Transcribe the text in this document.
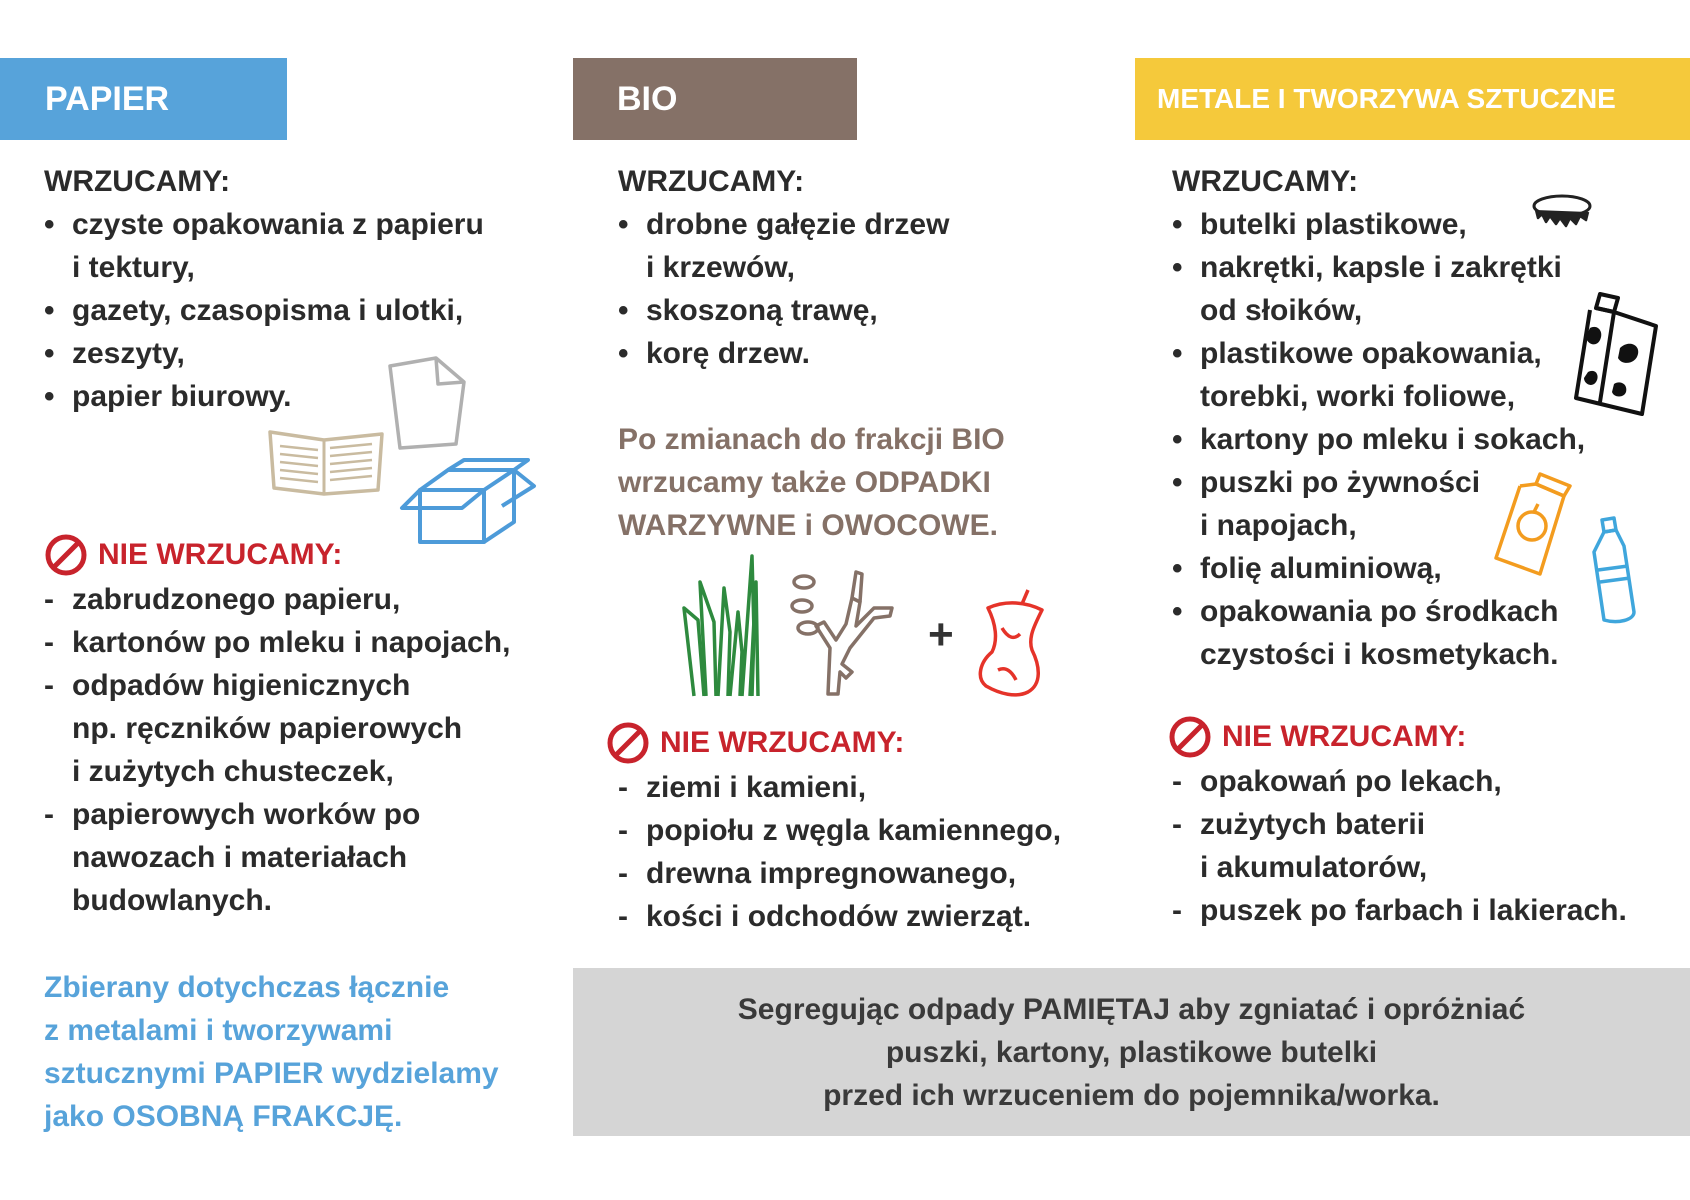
PAPIER	BIO	METALE I TWORZYWA SZTUCZNE
WRZUCAMY:
• czyste opakowania z papieru
i tektury,
• gazety, czasopisma i ulotki,
• zeszyty,
• papier biurowy.
NIE WRZUCAMY:
- zabrudzonego papieru,
- kartonów po mleku i napojach,
- odpadów higienicznych
np. ręczników papierowych
i zużytych chusteczek,
- papierowych worków po
nawozach i materiałach
budowlanych.
Zbierany dotychczas łącznie
z metalami i tworzywami
sztucznymi PAPIER wydzielamy
jako OSOBNĄ FRAKCJĘ.
WRZUCAMY:
• drobne gałęzie drzew
i krzewów,
• skoszoną trawę,
• korę drzew.
Po zmianach do frakcji BIO
wrzucamy także ODPADKI
WARZYWNE i OWOCOWE.
+
NIE WRZUCAMY:
- ziemi i kamieni,
- popiołu z węgla kamiennego,
- drewna impregnowanego,
- kości i odchodów zwierząt.
WRZUCAMY:
• butelki plastikowe,
• nakrętki, kapsle i zakrętki
od słoików,
• plastikowe opakowania,
torebki, worki foliowe,
• kartony po mleku i sokach,
• puszki po żywności
i napojach,
• folię aluminiową,
• opakowania po środkach
czystości i kosmetykach.
NIE WRZUCAMY:
- opakowań po lekach,
- zużytych baterii
i akumulatorów,
- puszek po farbach i lakierach.

Segregując odpady PAMIĘTAJ aby zgniatać i opróżniać
puszki, kartony, plastikowe butelki
przed ich wrzuceniem do pojemnika/worka.
